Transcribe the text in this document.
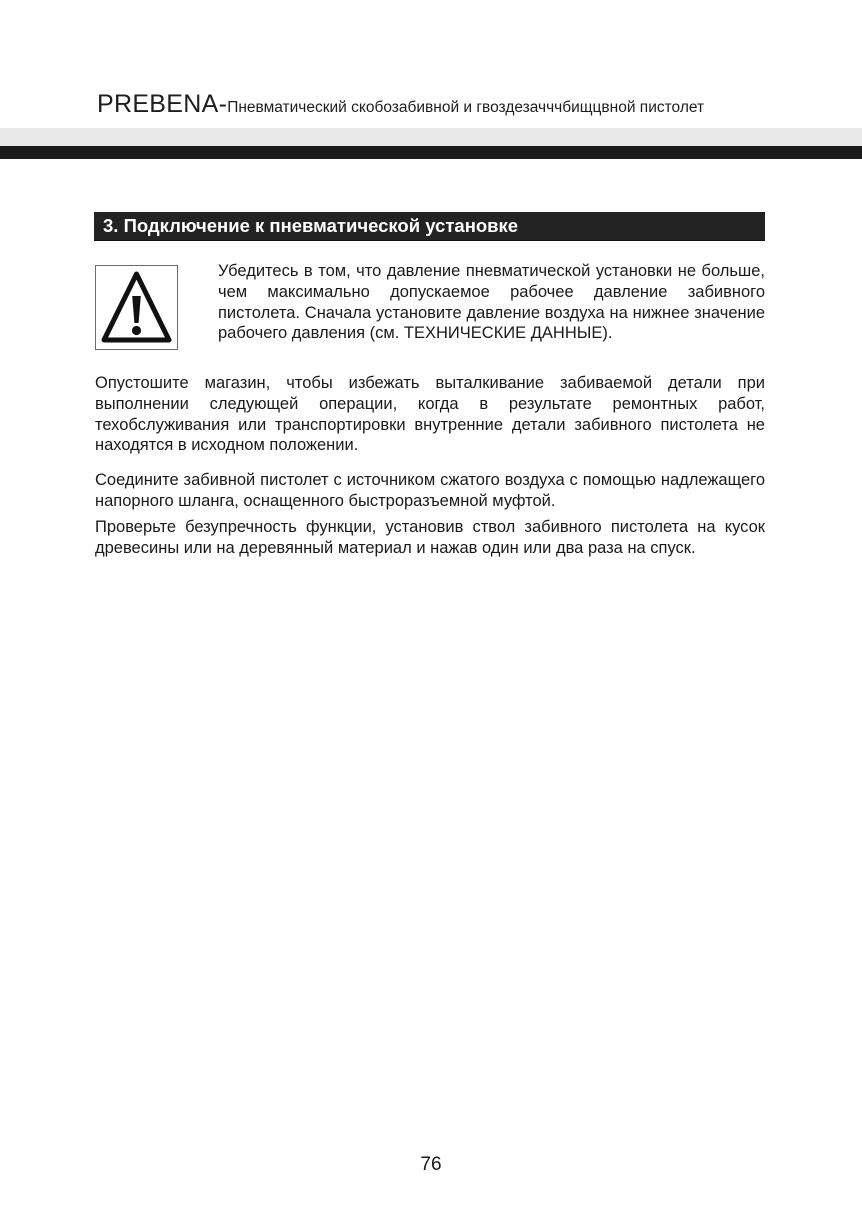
PREBENA-Пневматический скобозабивной и гвоздезачччбищцвной пистолет
3. Подключение к пневматической установке
Убедитесь в том, что давление пневматической установки не больше, чем максимально допускаемое рабочее давление забивного пистолета. Сначала установите давление воздуха на нижнее значение рабочего давления (см. ТЕХНИЧЕСКИЕ ДАННЫЕ).
Опустошите магазин, чтобы избежать выталкивание забиваемой детали при выполнении следующей операции, когда в результате ремонтных работ, техобслуживания или транспортировки внутренние детали забивного пистолета не находятся в исходном положении.
Соедините забивной пистолет с источником сжатого воздуха с помощью надлежащего напорного шланга, оснащенного быстроразъемной муфтой.
Проверьте безупречность функции, установив ствол забивного пистолета на кусок древесины или на деревянный материал и нажав один или два раза на спуск.
76
